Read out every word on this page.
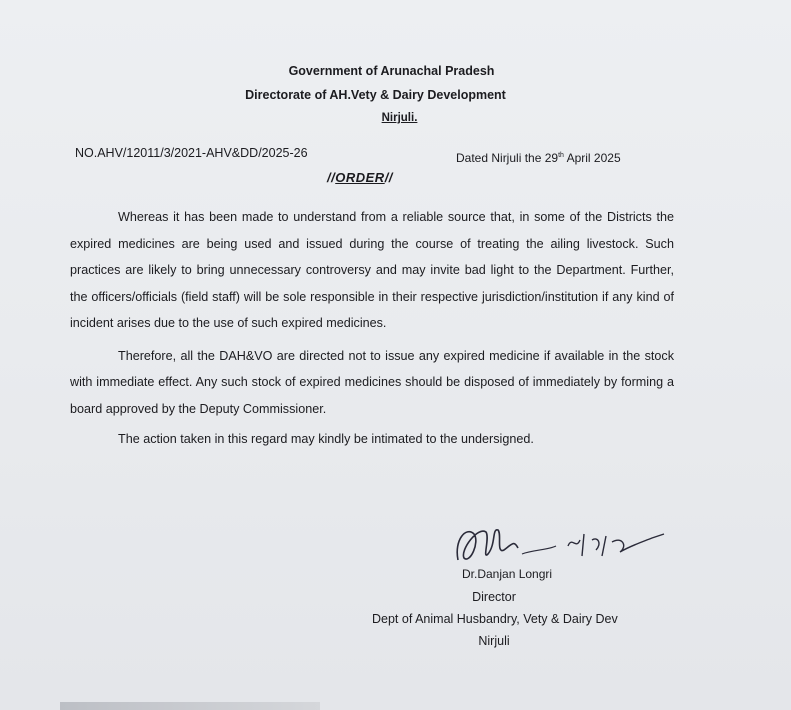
Government of Arunachal Pradesh
Directorate of AH.Vety & Dairy Development
Nirjuli.
NO.AHV/12011/3/2021-AHV&DD/2025-26	Dated Nirjuli the 29th April 2025
//ORDER//

Whereas it has been made to understand from a reliable source that, in some of the Districts the expired medicines are being used and issued during the course of treating the ailing livestock. Such practices are likely to bring unnecessary controversy and may invite bad light to the Department. Further, the officers/officials (field staff) will be sole responsible in their respective jurisdiction/institution if any kind of incident arises due to the use of such expired medicines.

Therefore, all the DAH&VO are directed not to issue any expired medicine if available in the stock with immediate effect. Any such stock of expired medicines should be disposed of immediately by forming a board approved by the Deputy Commissioner.

The action taken in this regard may kindly be intimated to the undersigned.

Dr.Danjan Longri
Director
Dept of Animal Husbandry, Vety & Dairy Dev
Nirjuli
